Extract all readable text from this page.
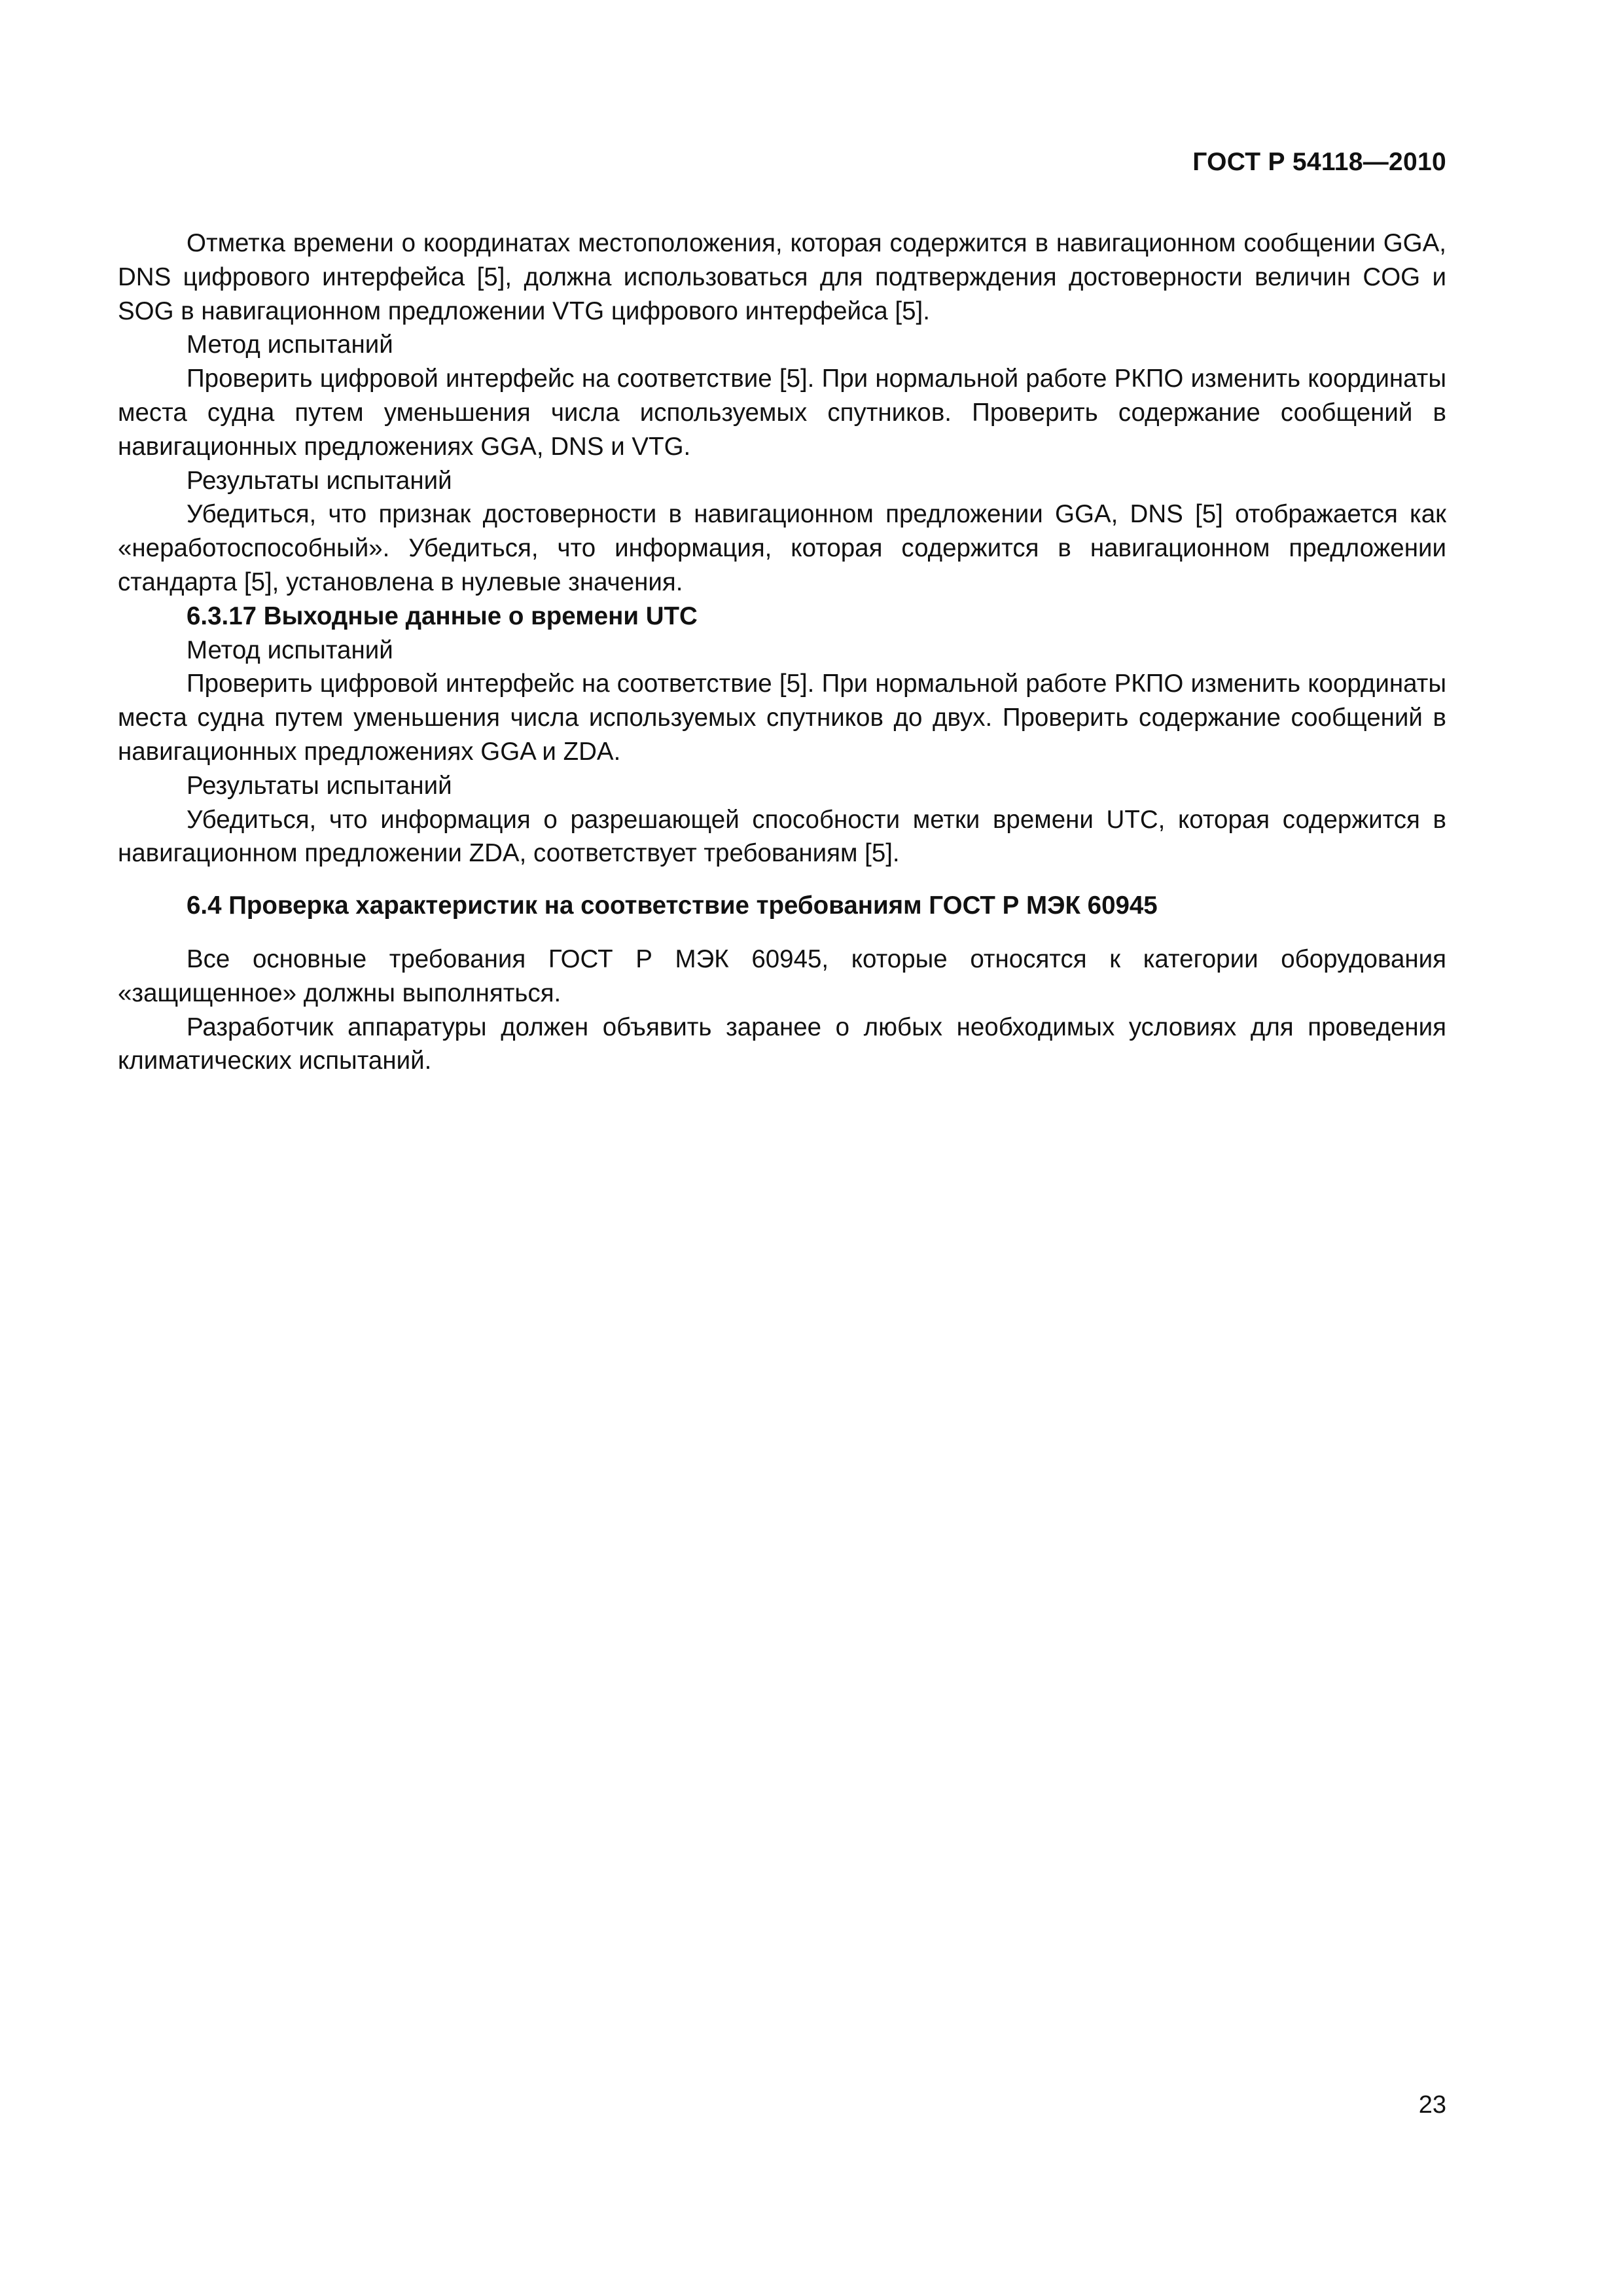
ГОСТ Р 54118—2010

Отметка времени о координатах местоположения, которая содержится в навигационном сообщении GGA, DNS цифрового интерфейса [5], должна использоваться для подтверждения достоверности величин COG и SOG в навигационном предложении VTG цифрового интерфейса [5].

Метод испытаний

Проверить цифровой интерфейс на соответствие [5]. При нормальной работе РКПО изменить координаты места судна путем уменьшения числа используемых спутников. Проверить содержание сообщений в навигационных предложениях GGA, DNS и VTG.

Результаты испытаний

Убедиться, что признак достоверности в навигационном предложении GGA, DNS [5] отображается как «неработоспособный». Убедиться, что информация, которая содержится в навигационном предложении стандарта [5], установлена в нулевые значения.

6.3.17 Выходные данные о времени UTC

Метод испытаний

Проверить цифровой интерфейс на соответствие [5]. При нормальной работе РКПО изменить координаты места судна путем уменьшения числа используемых спутников до двух. Проверить содержание сообщений в навигационных предложениях GGA и ZDA.

Результаты испытаний

Убедиться, что информация о разрешающей способности метки времени UTC, которая содержится в навигационном предложении ZDA, соответствует требованиям [5].

6.4 Проверка характеристик на соответствие требованиям ГОСТ Р МЭК 60945

Все основные требования ГОСТ Р МЭК 60945, которые относятся к категории оборудования «защищенное» должны выполняться.

Разработчик аппаратуры должен объявить заранее о любых необходимых условиях для проведения климатических испытаний.

23
